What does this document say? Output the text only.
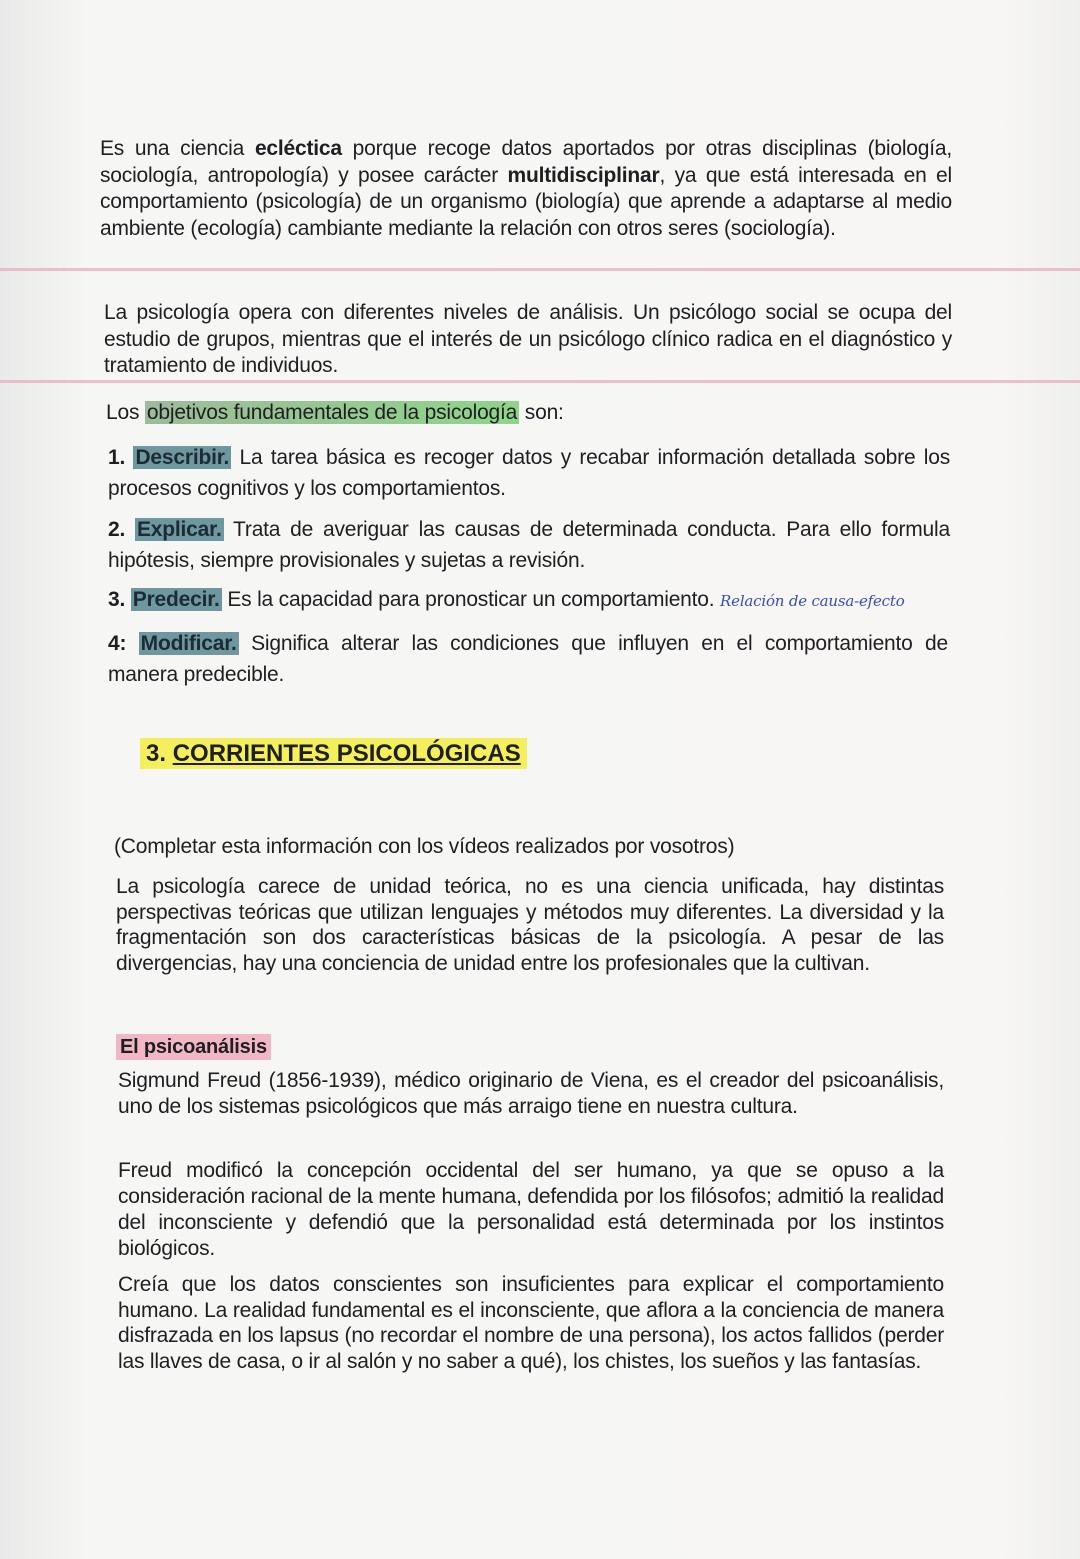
Es una ciencia ecléctica porque recoge datos aportados por otras disciplinas (biología, sociología, antropología) y posee carácter multidisciplinar, ya que está interesada en el comportamiento (psicología) de un organismo (biología) que aprende a adaptarse al medio ambiente (ecología) cambiante mediante la relación con otros seres (sociología).
La psicología opera con diferentes niveles de análisis. Un psicólogo social se ocupa del estudio de grupos, mientras que el interés de un psicólogo clínico radica en el diagnóstico y tratamiento de individuos.
Los objetivos fundamentales de la psicología son:
1. Describir. La tarea básica es recoger datos y recabar información detallada sobre los procesos cognitivos y los comportamientos.
2. Explicar. Trata de averiguar las causas de determinada conducta. Para ello formula hipótesis, siempre provisionales y sujetas a revisión.
3. Predecir. Es la capacidad para pronosticar un comportamiento. Relación de causa-efecto
4: Modificar. Significa alterar las condiciones que influyen en el comportamiento de manera predecible.
3. CORRIENTES PSICOLÓGICAS
(Completar esta información con los vídeos realizados por vosotros)
La psicología carece de unidad teórica, no es una ciencia unificada, hay distintas perspectivas teóricas que utilizan lenguajes y métodos muy diferentes. La diversidad y la fragmentación son dos características básicas de la psicología. A pesar de las divergencias, hay una conciencia de unidad entre los profesionales que la cultivan.
El psicoanálisis
Sigmund Freud (1856-1939), médico originario de Viena, es el creador del psicoanálisis, uno de los sistemas psicológicos que más arraigo tiene en nuestra cultura.
Freud modificó la concepción occidental del ser humano, ya que se opuso a la consideración racional de la mente humana, defendida por los filósofos; admitió la realidad del inconsciente y defendió que la personalidad está determinada por los instintos biológicos.
Creía que los datos conscientes son insuficientes para explicar el comportamiento humano. La realidad fundamental es el inconsciente, que aflora a la conciencia de manera disfrazada en los lapsus (no recordar el nombre de una persona), los actos fallidos (perder las llaves de casa, o ir al salón y no saber a qué), los chistes, los sueños y las fantasías.
